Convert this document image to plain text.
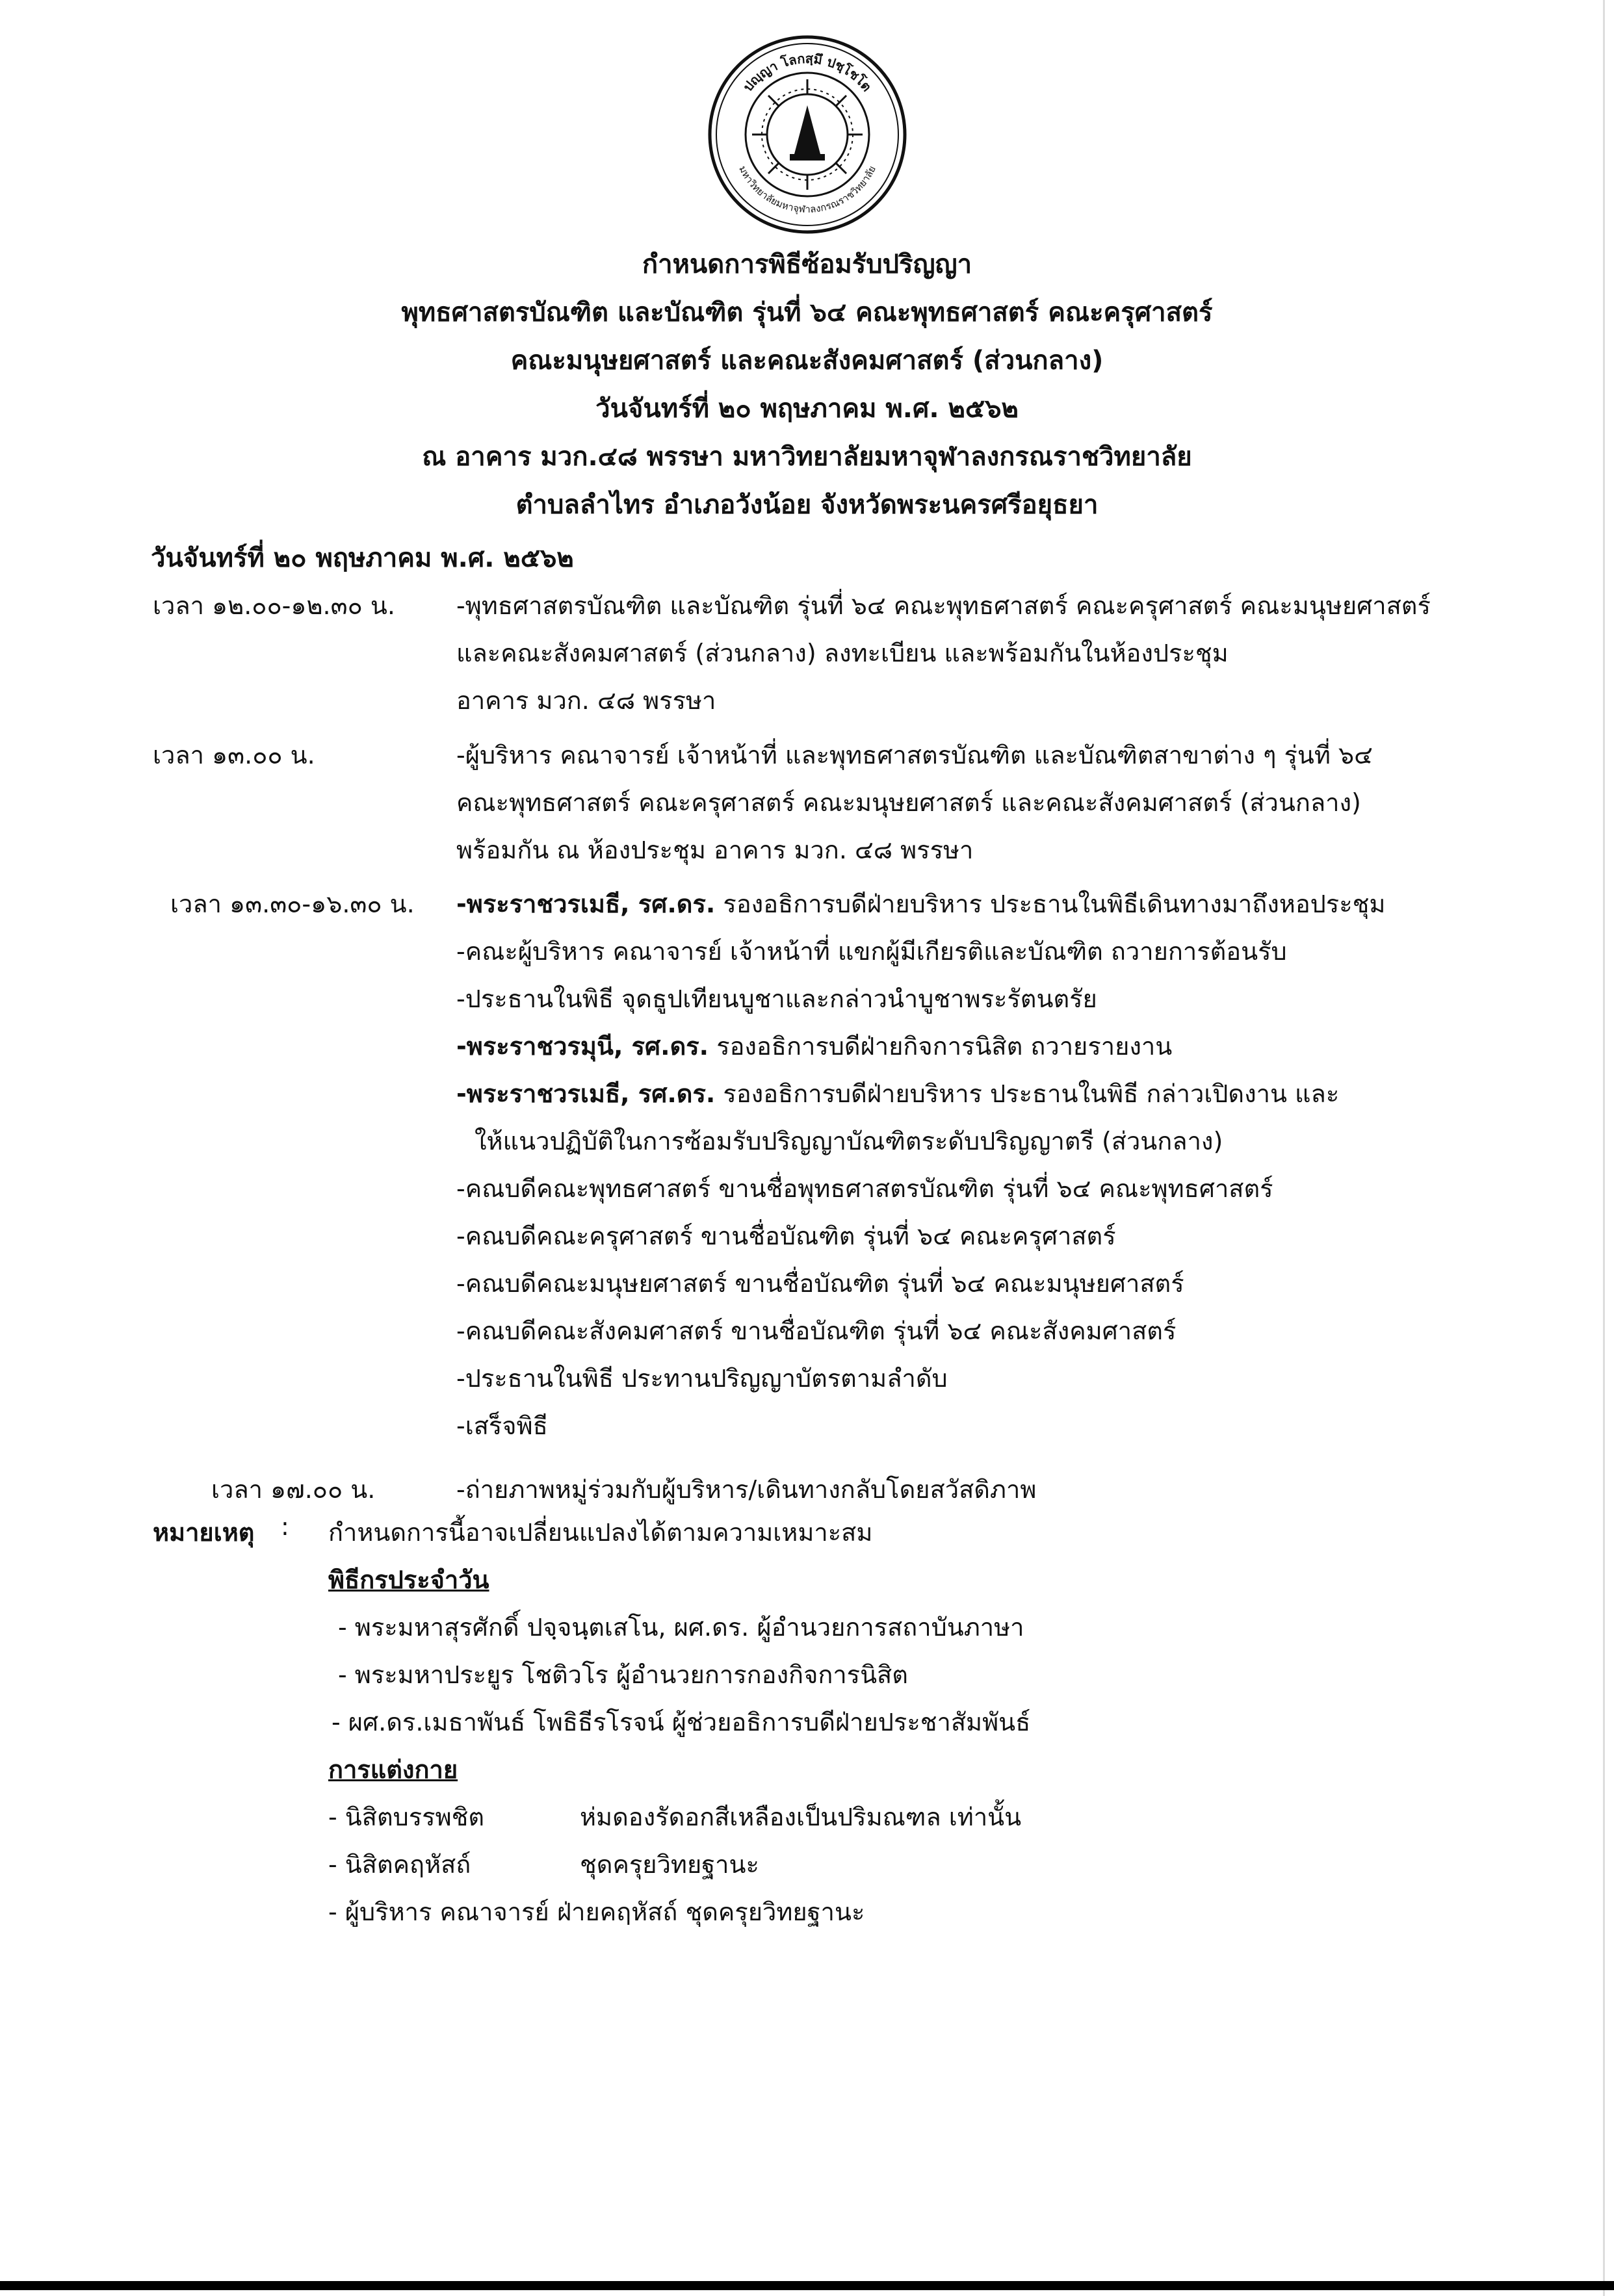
ปญฺญา โลกสฺมึ ปชฺโชโต
มหาวิทยาลัยมหาจุฬาลงกรณราชวิทยาลัย
กำหนดการพิธีซ้อมรับปริญญา
พุทธศาสตรบัณฑิต และบัณฑิต รุ่นที่ ๖๔ คณะพุทธศาสตร์ คณะครุศาสตร์
คณะมนุษยศาสตร์ และคณะสังคมศาสตร์ (ส่วนกลาง)
วันจันทร์ที่ ๒๐ พฤษภาคม พ.ศ. ๒๕๖๒
ณ อาคาร มวก.๔๘ พรรษา มหาวิทยาลัยมหาจุฬาลงกรณราชวิทยาลัย
ตำบลลำไทร อำเภอวังน้อย จังหวัดพระนครศรีอยุธยา
วันจันทร์ที่ ๒๐ พฤษภาคม พ.ศ. ๒๕๖๒
เวลา ๑๒.๐๐-๑๒.๓๐ น. -พุทธศาสตรบัณฑิต และบัณฑิต รุ่นที่ ๖๔ คณะพุทธศาสตร์ คณะครุศาสตร์ คณะมนุษยศาสตร์
และคณะสังคมศาสตร์ (ส่วนกลาง) ลงทะเบียน และพร้อมกันในห้องประชุม
อาคาร มวก. ๔๘ พรรษา
เวลา ๑๓.๐๐ น.	-ผู้บริหาร คณาจารย์ เจ้าหน้าที่ และพุทธศาสตรบัณฑิต และบัณฑิตสาขาต่าง ๆ รุ่นที่ ๖๔
คณะพุทธศาสตร์ คณะครุศาสตร์ คณะมนุษยศาสตร์ และคณะสังคมศาสตร์ (ส่วนกลาง)
พร้อมกัน ณ ห้องประชุม อาคาร มวก. ๔๘ พรรษา
เวลา ๑๓.๓๐-๑๖.๓๐ น. -พระราชวรเมธี, รศ.ดร. รองอธิการบดีฝ่ายบริหาร ประธานในพิธีเดินทางมาถึงหอประชุม
-คณะผู้บริหาร คณาจารย์ เจ้าหน้าที่ แขกผู้มีเกียรติและบัณฑิต ถวายการต้อนรับ
-ประธานในพิธี จุดธูปเทียนบูชาและกล่าวนำบูชาพระรัตนตรัย
-พระราชวรมุนี, รศ.ดร. รองอธิการบดีฝ่ายกิจการนิสิต ถวายรายงาน
-พระราชวรเมธี, รศ.ดร. รองอธิการบดีฝ่ายบริหาร ประธานในพิธี กล่าวเปิดงาน และ
ให้แนวปฏิบัติในการซ้อมรับปริญญาบัณฑิตระดับปริญญาตรี (ส่วนกลาง)
-คณบดีคณะพุทธศาสตร์ ขานชื่อพุทธศาสตรบัณฑิต รุ่นที่ ๖๔ คณะพุทธศาสตร์
-คณบดีคณะครุศาสตร์ ขานชื่อบัณฑิต รุ่นที่ ๖๔ คณะครุศาสตร์
-คณบดีคณะมนุษยศาสตร์ ขานชื่อบัณฑิต รุ่นที่ ๖๔ คณะมนุษยศาสตร์
-คณบดีคณะสังคมศาสตร์ ขานชื่อบัณฑิต รุ่นที่ ๖๔ คณะสังคมศาสตร์
-ประธานในพิธี ประทานปริญญาบัตรตามลำดับ
-เสร็จพิธี
เวลา ๑๗.๐๐ น.	-ถ่ายภาพหมู่ร่วมกับผู้บริหาร/เดินทางกลับโดยสวัสดิภาพ
หมายเหตุ : กำหนดการนี้อาจเปลี่ยนแปลงได้ตามความเหมาะสม
พิธีกรประจำวัน
- พระมหาสุรศักดิ์ ปจฺจนฺตเสโน, ผศ.ดร. ผู้อำนวยการสถาบันภาษา
- พระมหาประยูร โชติวโร ผู้อำนวยการกองกิจการนิสิต
- ผศ.ดร.เมธาพันธ์ โพธิธีรโรจน์ ผู้ช่วยอธิการบดีฝ่ายประชาสัมพันธ์
การแต่งกาย
- นิสิตบรรพชิต	ห่มดองรัดอกสีเหลืองเป็นปริมณฑล เท่านั้น
- นิสิตคฤหัสถ์	ชุดครุยวิทยฐานะ
- ผู้บริหาร คณาจารย์ ฝ่ายคฤหัสถ์ ชุดครุยวิทยฐานะ
